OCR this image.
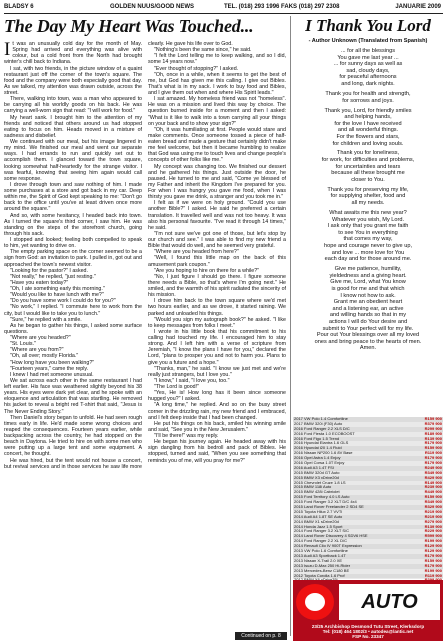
BLADSY 6	GOLDEN NUUS/GOOD NEWS	TEL. (018) 293 1996 FAKS (018) 297 2308	JANUARIE 2009
The Day My Heart Was Touched...

It was an unusually cold day for the month of May. Spring had arrived and everything was alive with colour, but a cold front from the North had brought winter's chill back to Indiana.

I sat, with two friends, in the picture window of a quaint restaurant just off the corner of the town's square. The food and the company were both especially good that day. As we talked, my attention was drawn outside, across the street.

There, walking into town, was a man who appeared to be carrying all his worldly goods on his back. He was carrying a well-worn sign that read: "I will work for food."

My heart sank. I brought him to the attention of my friends and noticed that others around us had stopped eating to focus on him. Heads moved in a mixture of sadness and disbelief.

We continued with our meal, but his image lingered in my mind. We finished our meal and went our separate ways. I had errands to run and quickly set out to accomplish them. I glanced toward the town square, looking somewhat half-heartedly for the strange visitor. I was fearful, knowing that seeing him again would call some response.

I drove through town and saw nothing of him. I made some purchases at a store and got back in my car. Deep within me, the Spirit of God kept speaking to me: "Don't go back to the office until you've at least driven once more around the square."

And so, with some hesitancy, I headed back into town. As I turned the square's third corner, I saw him. He was standing on the steps of the storefront church, going through his sack.

I stopped and looked; feeling both compelled to speak to him, yet wanting to drive on.

The empty parking space on the corner seemed to be a sign from God: an invitation to park. I pulled in, got out and approached the town's newest visitor.

"Looking for the pastor?" I asked.

"Not really," he replied, "just resting."

"Have you eaten today?"

"Oh, I ate something early this morning."

"Would you like to have lunch with me?"

"Do you have some work I could do for you?"

"No work," I replied. "I commute here to work from the city, but I would like to take you to lunch."

"Sure," he replied with a smile.

As he began to gather his things, I asked some surface questions.

"Where are you headed?"

"St. Louis."

"Where are you from?"

"Oh, all over; mostly Florida."

"How long have you been walking?"

"Fourteen years," came the reply.

I knew I had met someone unusual.

We sat across each other in the same restaurant I had left earlier. His face was weathered slightly beyond his 38 years. His eyes were dark yet clear, and he spoke with an eloquence and articulation that was startling. He removed his jacket to reveal a bright red T-shirt that said, "Jesus is The Never Ending Story."

Then Daniel's story began to unfold. He had seen rough times early in life. He'd made some wrong choices and reaped the consequences. Fourteen years earlier, while backpacking across the country, he had stopped on the beach in Daytona. He tried to hire on with some men who were putting up a large tent and some equipment. A concert, he thought.

He was hired, but the tent would not house a concert, but revival services and in those services he saw life more clearly. He gave his life over to God.

"Nothing's been the same since," he said.

"I felt the Lord telling me to keep walking, and so I did, some 14 years now."

"Ever thought of stopping?" I asked.

"Oh, once in a while, when it seems to get the best of me, but God has given me this calling. I give out Bibles. That's what is in my sack. I work to buy food and Bibles, and I give them out when and where His Spirit leads."

I sat amazed. My homeless friend was not "homeless". He was on a mission and lived this way by choice. The question burned inside for a moment and then I asked: "What is it like to walk into a town carrying all your things on your back and to show your sign?"

"Oh, it was humiliating at first. People would stare and make comments. Once someone tossed a piece of half-eaten bread and made a gesture that certainly didn't make me feel welcome, but then it became humbling to realize that God was using me to touch lives and change people's concepts of other folks like me."

My concept was changing too. We finished our dessert and he gathered his things. Just outside the door, he paused. He turned to me and said, "Come ye blessed of my Father and inherit the Kingdom I've prepared for you. For when I was hungry you gave me food, when I was thirsty you gave me drink, a stranger and you took me in."

I felt as if we were on holy ground. "Could you use another Bible?" I asked. He said he preferred a certain translation. It travelled well and was not too heavy. It was also his personal favourite. "I've read it through 14 times," he said.

"I'm not sure we've got one of those, but let's stop by our church and see." I was able to find my new friend a Bible that would do well, and he seemed very grateful.

"Where are you headed from here?"

"Well, I found this little map on the back of this amusement park coupon."

"Are you hoping to hire on there for a while?"

"No, I just figure I should go there. I figure someone there needs a Bible, so that's where I'm going next." He smiled, and the warmth of his spirit radiated the sincerity of his mission.

I drove him back to the town square where we'd met two hours earlier, and as we drove, it started raining. We parked and unloaded his things.

"Would you sign my autograph book?" he asked. "I like to keep messages from folks I meet."

I wrote in his little book that his commitment to his calling had touched my life. I encouraged him to stay strong. And I left him with a verse of scripture from Jeremiah, "I know the plans I have for you," declared the Lord, "plans to prosper you and not to harm you. Plans to give you a future and a hope."

"Thanks, man," he said. "I know we just met and we're really just strangers, but I love you."

"I know," I said, "I love you, too."

"The Lord is good!"

"Yes, He is! How long has it been since someone hugged you?" I asked.

"A long time," he replied. And so on the busy street corner in the drizzling rain, my new friend and I embraced, and I felt deep inside that I had been changed.

He put his things on his back, smiled his winning smile and said, "See you in the New Jerusalem."

"I'll be there!" was my reply.

He began his journey again. He headed away with his sign dangling from his bedroll and pack of Bibles. He stopped, turned and said, "When you see something that reminds you of me, will you pray for me?"

Continued on p. 8
I Thank You Lord
- Author Unknown (Translated from Spanish)
... for all the blessings
You gave me last year ...
... for sunny days as well as
sad, cloudy days,
for peaceful afternoons
and long, dark nights.
Thank you for health and strength,
for sorrows and joys.
Thank you, Lord, for friendly smiles
and helping hands,
for the love I have received
and all wonderful things.
For the flowers and stars,
for children and loving souls.
Thank you for loneliness,
for work, for difficulties and problems,
for uncertainties and tears
because all these brought me
closer to You.
Thank you for preserving my life,
for supplying shelter, food and
all my needs.
What awaits me this new year?
Whatever you wish, My Lord.
I ask only that you grant me faith
to see You in everything
that comes my way,
hope and courage never to give up,
and love ... more love for You
each day and for those around me.
Give me patience, humility,
yieldedness and a giving heart.
Give me, Lord, what You know
is good for me and that which
I know not how to ask.
Grant me an obedient heart
and a listening ear, an active
and willing hands so that in my
actions I will do Your desire and
submit to Your perfect will for my life.
Pour out Your blessings over all my loved
ones and bring peace to the hearts of men.
Amen.
2017 VW Polo 1.4 Comfortline	R159 900
2017 BMW 320i (F30) Auto	R379 900
2016 Ford Ranger 2.2 XLS D/C	R299 900
2016 Ford Fiesta 1.0 ECOBOOST	R189 900
2016 Ford Figo 1.5 Trend	R139 900
2016 Hyundai Elantra 1.6 GLS	R179 900
2016 Hyundai i20 1.4 Fluid	R159 900
2016 Nissan NP200 1.6 8V Base	R119 900
2016 Opel Astra 1.4 Enjoy	R179 900
2016 Opel Corsa 1.0T Enjoy	R179 900
2016 Audi A3 1.4T FSI	R249 900
2015 BMW 320d GT Auto	R349 900
2015 BMW X3 xDrive20d	R429 900
2015 Chevrolet Cruze 1.8 LS	R149 900
2015 BMW 118i Auto	R239 900
2015 BMW 428i Cabriolet	R449 900
2015 Ford Territory 4.0 LS Auto	R159 900
2015 Ford Ranger 3.2 XLT D/C 4x4	R349 900
2015 Land Rover Freelander 2 SD4 SE	R329 900
2015 Toyota Hilux 2.7 VVTi	R219 900
2014 Audi A4 1.8T SE Auto	R219 900
2014 BMW X1 sDrive20d	R279 900
2014 Honda Jazz 1.5 Sport	R139 900
2014 Ford Ranger 3.2 XLT S/C	R229 900
2014 Land Rover Discovery 4 SDV6 HSE	R599 900
2014 Ford Ranger 2.2 XL D/C	R199 900
2014 Renault Clio IV 900T Expression	R129 900
2013 VW Polo 1.6 Comfortline	R129 900
2013 Audi A3 Sportback 1.4T	R179 900
2013 Nissan X-Trail 2.0 XE	R159 900
2013 Isuzu D-Max 250 Hi-Rider	R179 900
2013 Mercedes-Benz C180 BE	R199 900
2012 Toyota Corolla 1.6 Prof	R119 900
AUTO
23/25 Archbishop Desmond Tutu Street, Klerksdorp
Tel: (018) 464 1802/3 • autodea@lantic.net
FSP No. 23347
